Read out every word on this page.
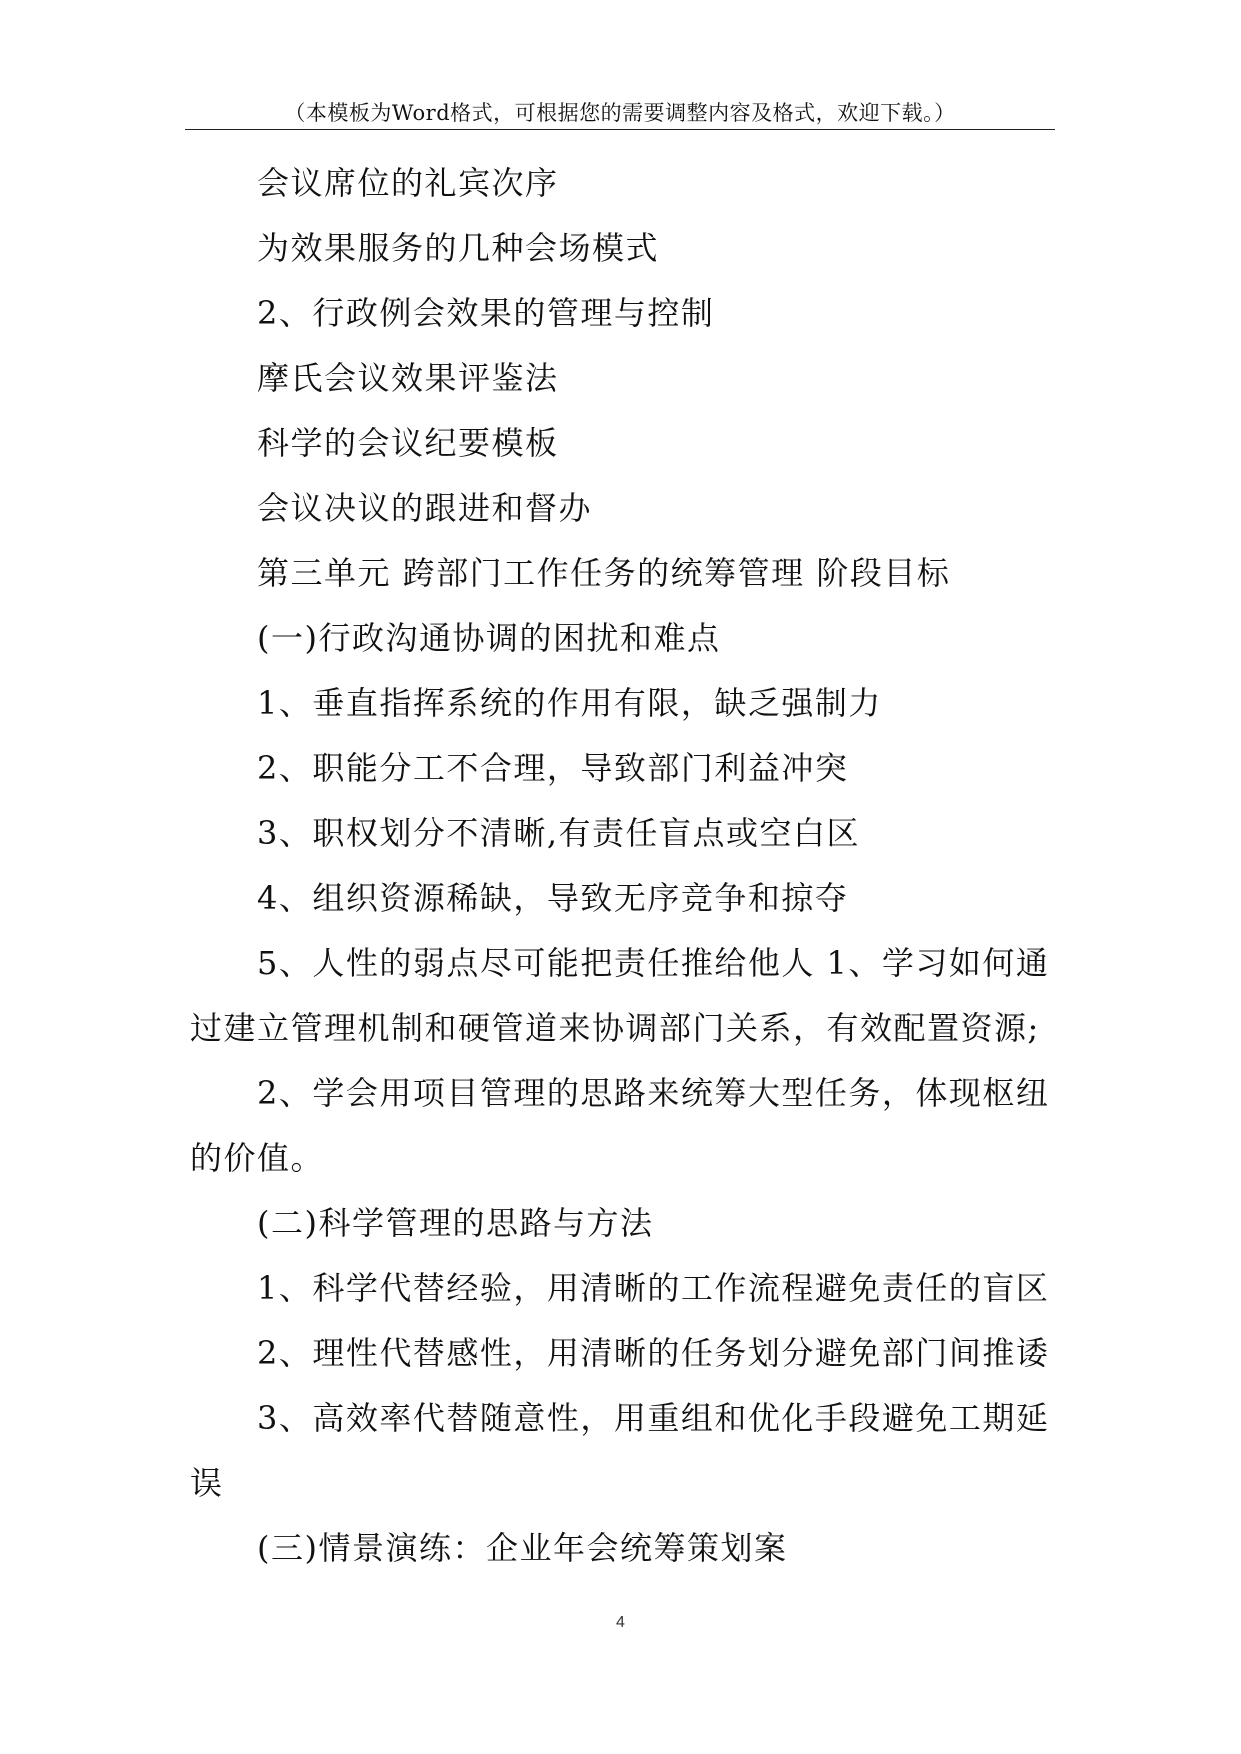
（本模板为Word格式，可根据您的需要调整内容及格式，欢迎下载。）

会议席位的礼宾次序

为效果服务的几种会场模式

2、行政例会效果的管理与控制

摩氏会议效果评鉴法

科学的会议纪要模板

会议决议的跟进和督办

第三单元 跨部门工作任务的统筹管理 阶段目标

(一)行政沟通协调的困扰和难点

1、垂直指挥系统的作用有限，缺乏强制力

2、职能分工不合理，导致部门利益冲突

3、职权划分不清晰,有责任盲点或空白区

4、组织资源稀缺，导致无序竞争和掠夺

5、人性的弱点尽可能把责任推给他人 1、学习如何通过建立管理机制和硬管道来协调部门关系，有效配置资源;

2、学会用项目管理的思路来统筹大型任务，体现枢纽的价值。

(二)科学管理的思路与方法

1、科学代替经验，用清晰的工作流程避免责任的盲区

2、理性代替感性，用清晰的任务划分避免部门间推诿

3、高效率代替随意性，用重组和优化手段避免工期延误

(三)情景演练：企业年会统筹策划案

4
